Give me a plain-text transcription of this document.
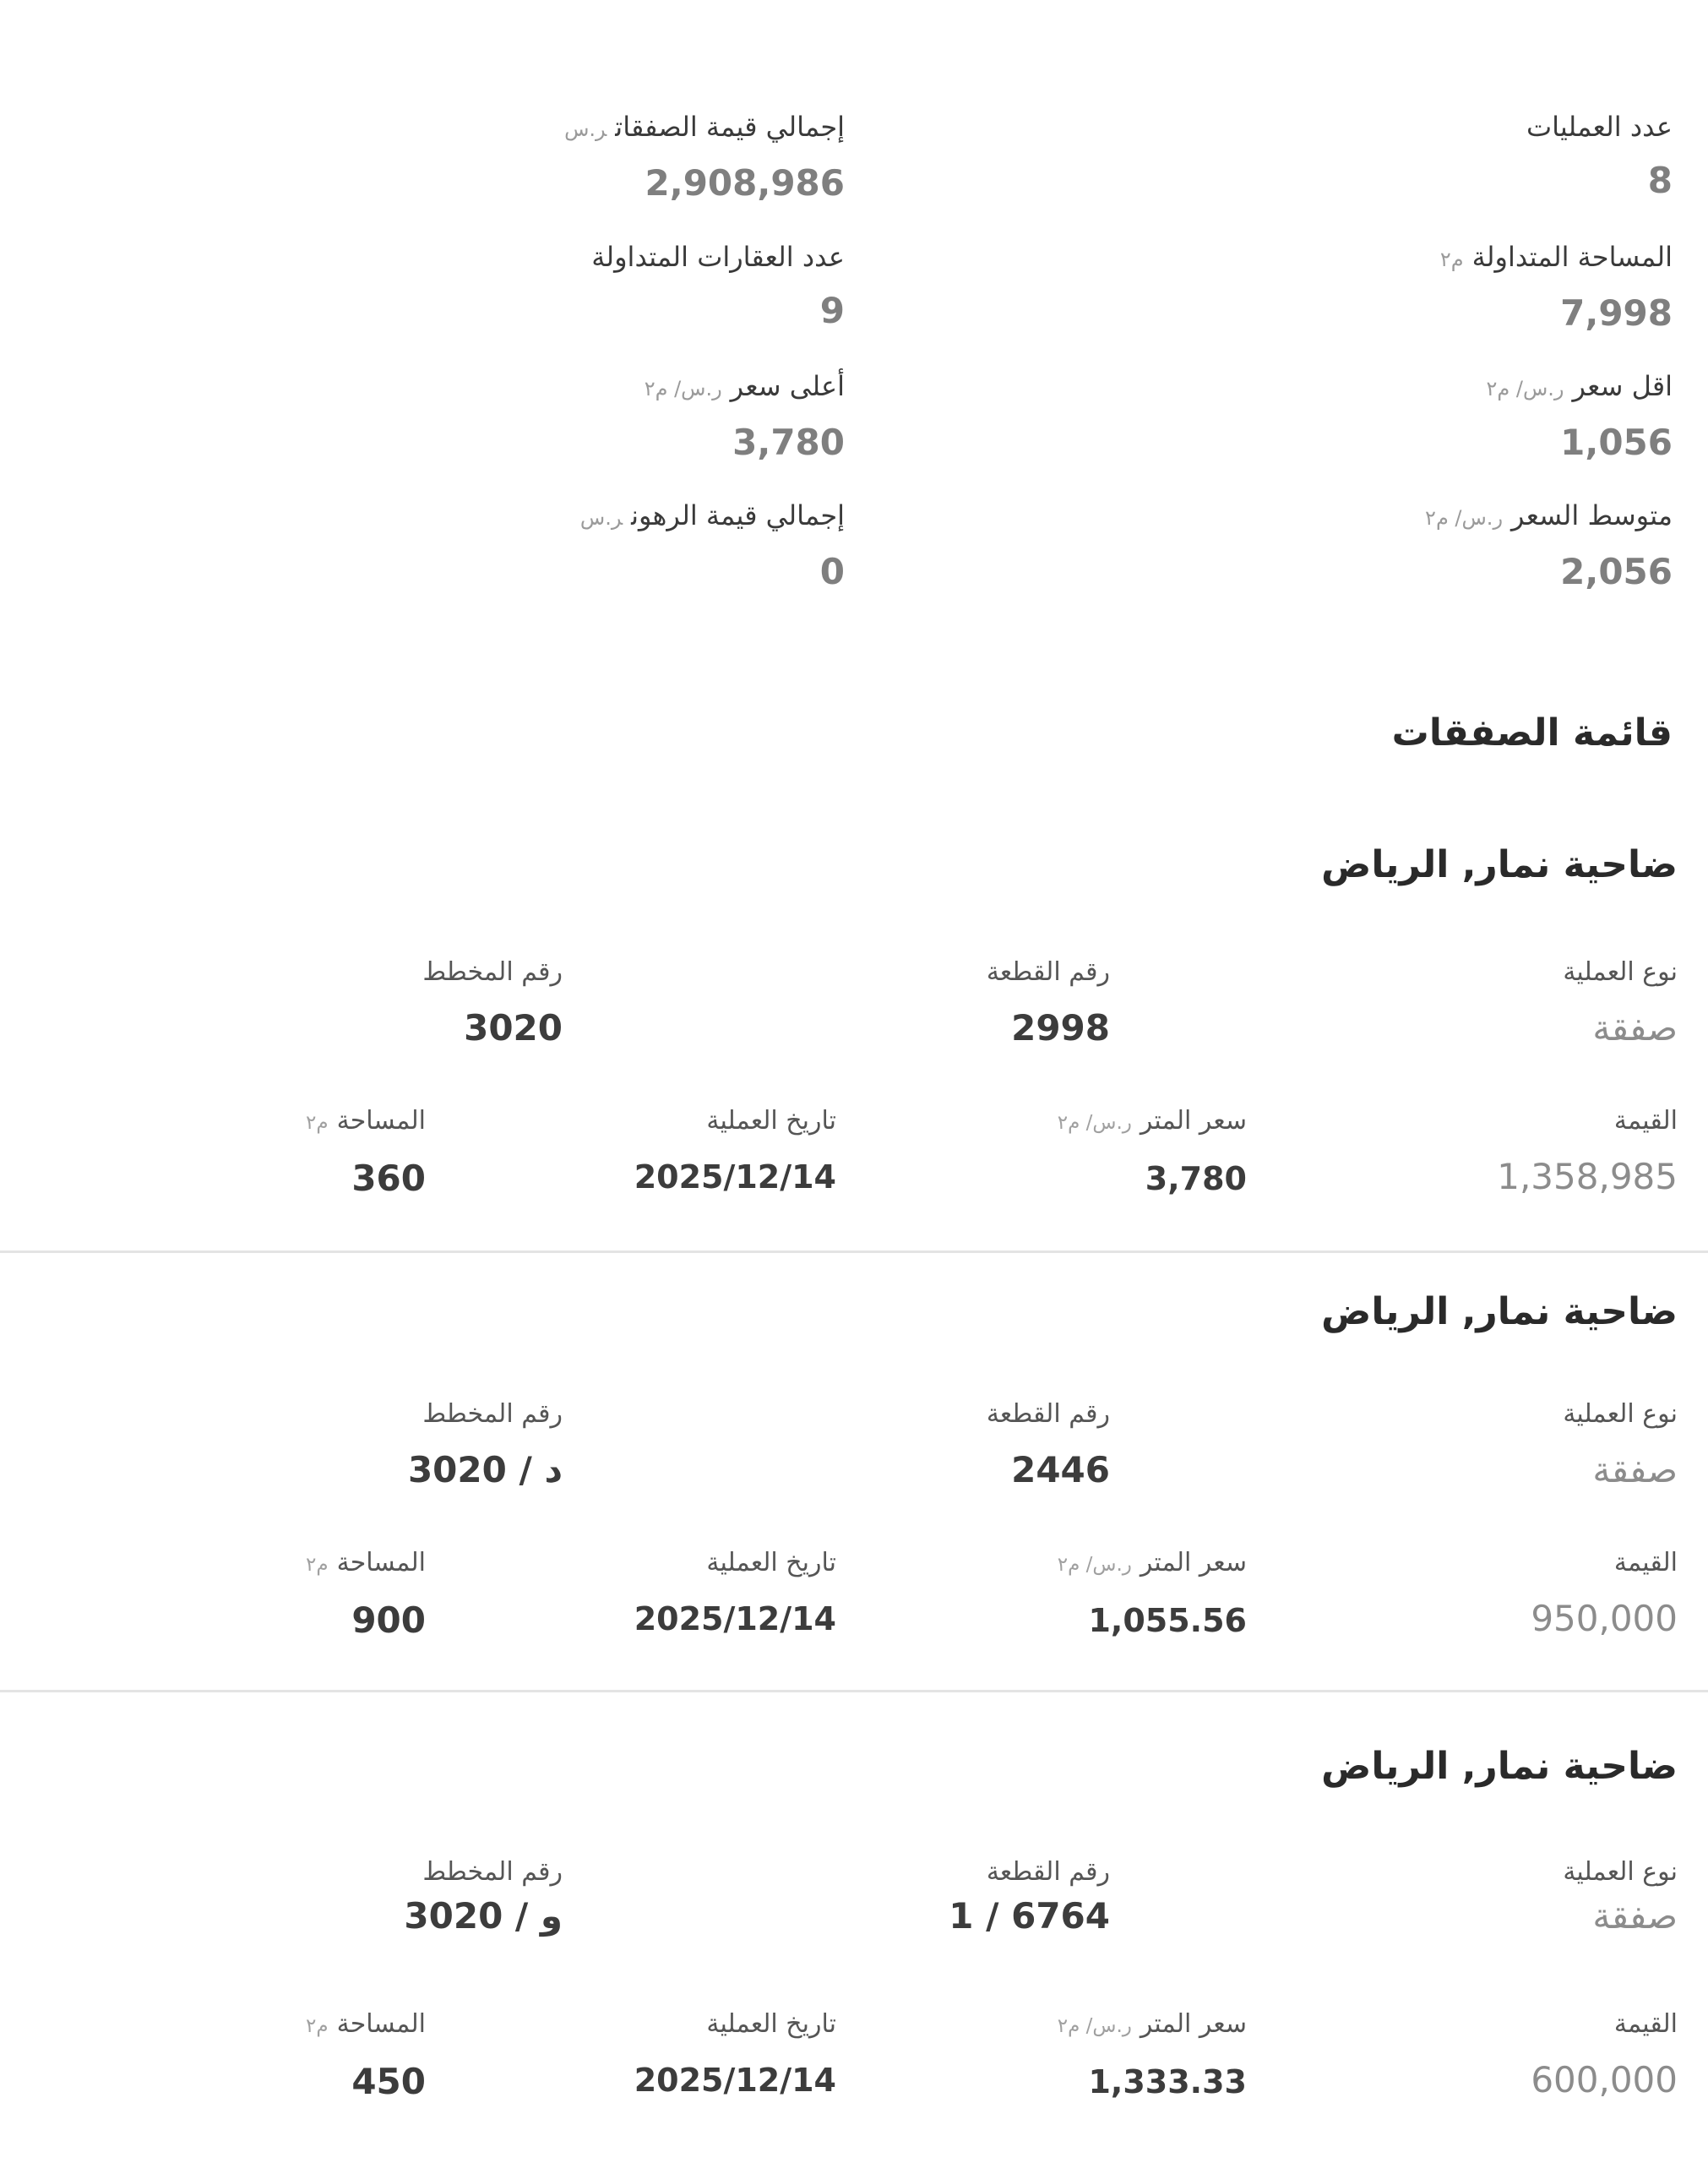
عدد العمليات
8
إجمالي قيمة الصفقاتر.س
2,908,986
المساحة المتداولةم٢
7,998
عدد العقارات المتداولة
9
اقل سعرر.س/ م٢
1,056
أعلى سعرر.س/ م٢
3,780
متوسط السعرر.س/ م٢
2,056
إجمالي قيمة الرهونر.س
0
قائمة الصفقات
ضاحية نمار, الرياض
نوع العملية
صفقة
رقم القطعة
2998
رقم المخطط
3020
القيمة
1,358,985
سعر المترر.س/ م٢
3,780
تاريخ العملية
2025/12/14
المساحةم٢
360
ضاحية نمار, الرياض
نوع العملية
صفقة
رقم القطعة
2446
رقم المخطط
3020 / د
القيمة
950,000
سعر المترر.س/ م٢
1,055.56
تاريخ العملية
2025/12/14
المساحةم٢
900
ضاحية نمار, الرياض
نوع العملية
صفقة
رقم القطعة
1 / 6764
رقم المخطط
3020 / و
القيمة
600,000
سعر المترر.س/ م٢
1,333.33
تاريخ العملية
2025/12/14
المساحةم٢
450
